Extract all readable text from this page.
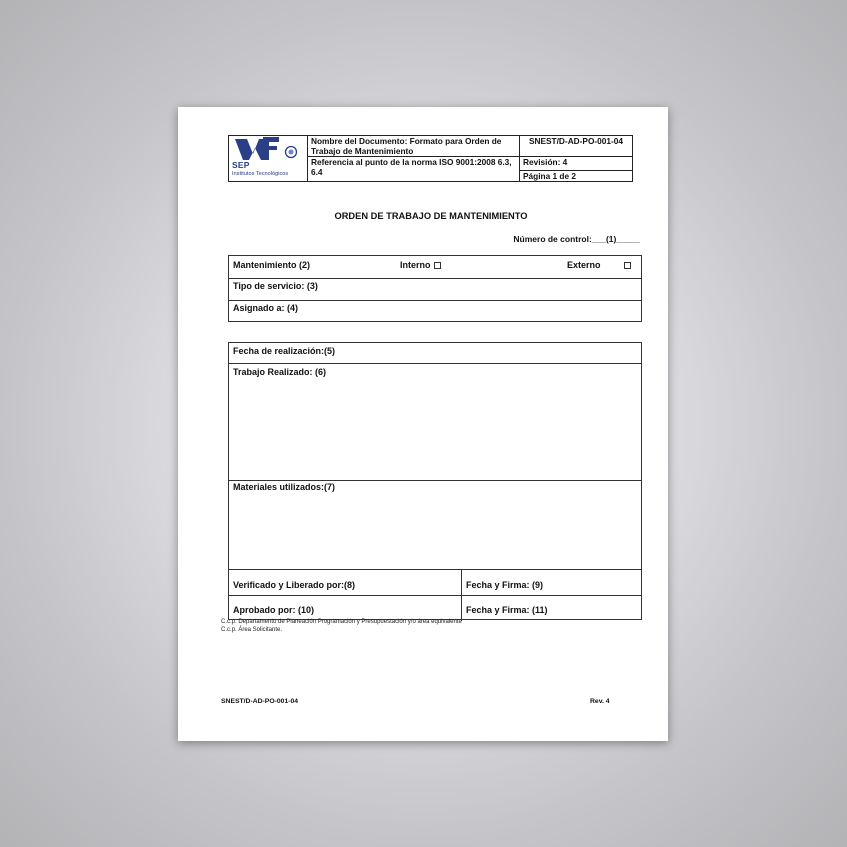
SEP
Institutos Tecnológicos	Nombre del Documento: Formato para Orden de Trabajo de Mantenimiento	SNEST/D-AD-PO-001-04
	Referencia al punto de la norma ISO 9001:2008 6.3, 6.4	Revisión: 4
		Página 1 de 2
ORDEN DE TRABAJO DE MANTENIMIENTO
Número de control:___(1)_____
Mantenimiento (2)	Interno	Externo
Tipo de servicio: (3)
Asignado a: (4)
Fecha de realización:(5)
Trabajo Realizado: (6)
Materiales utilizados:(7)
Verificado y Liberado por:(8)	Fecha y Firma: (9)
Aprobado por: (10)	Fecha y Firma: (11)
C.c.p. Departamento de Planeación Programación y Presupuestación y/o área equivalente
C.c.p. Área Solicitante.
SNEST/D-AD-PO-001-04	Rev. 4
